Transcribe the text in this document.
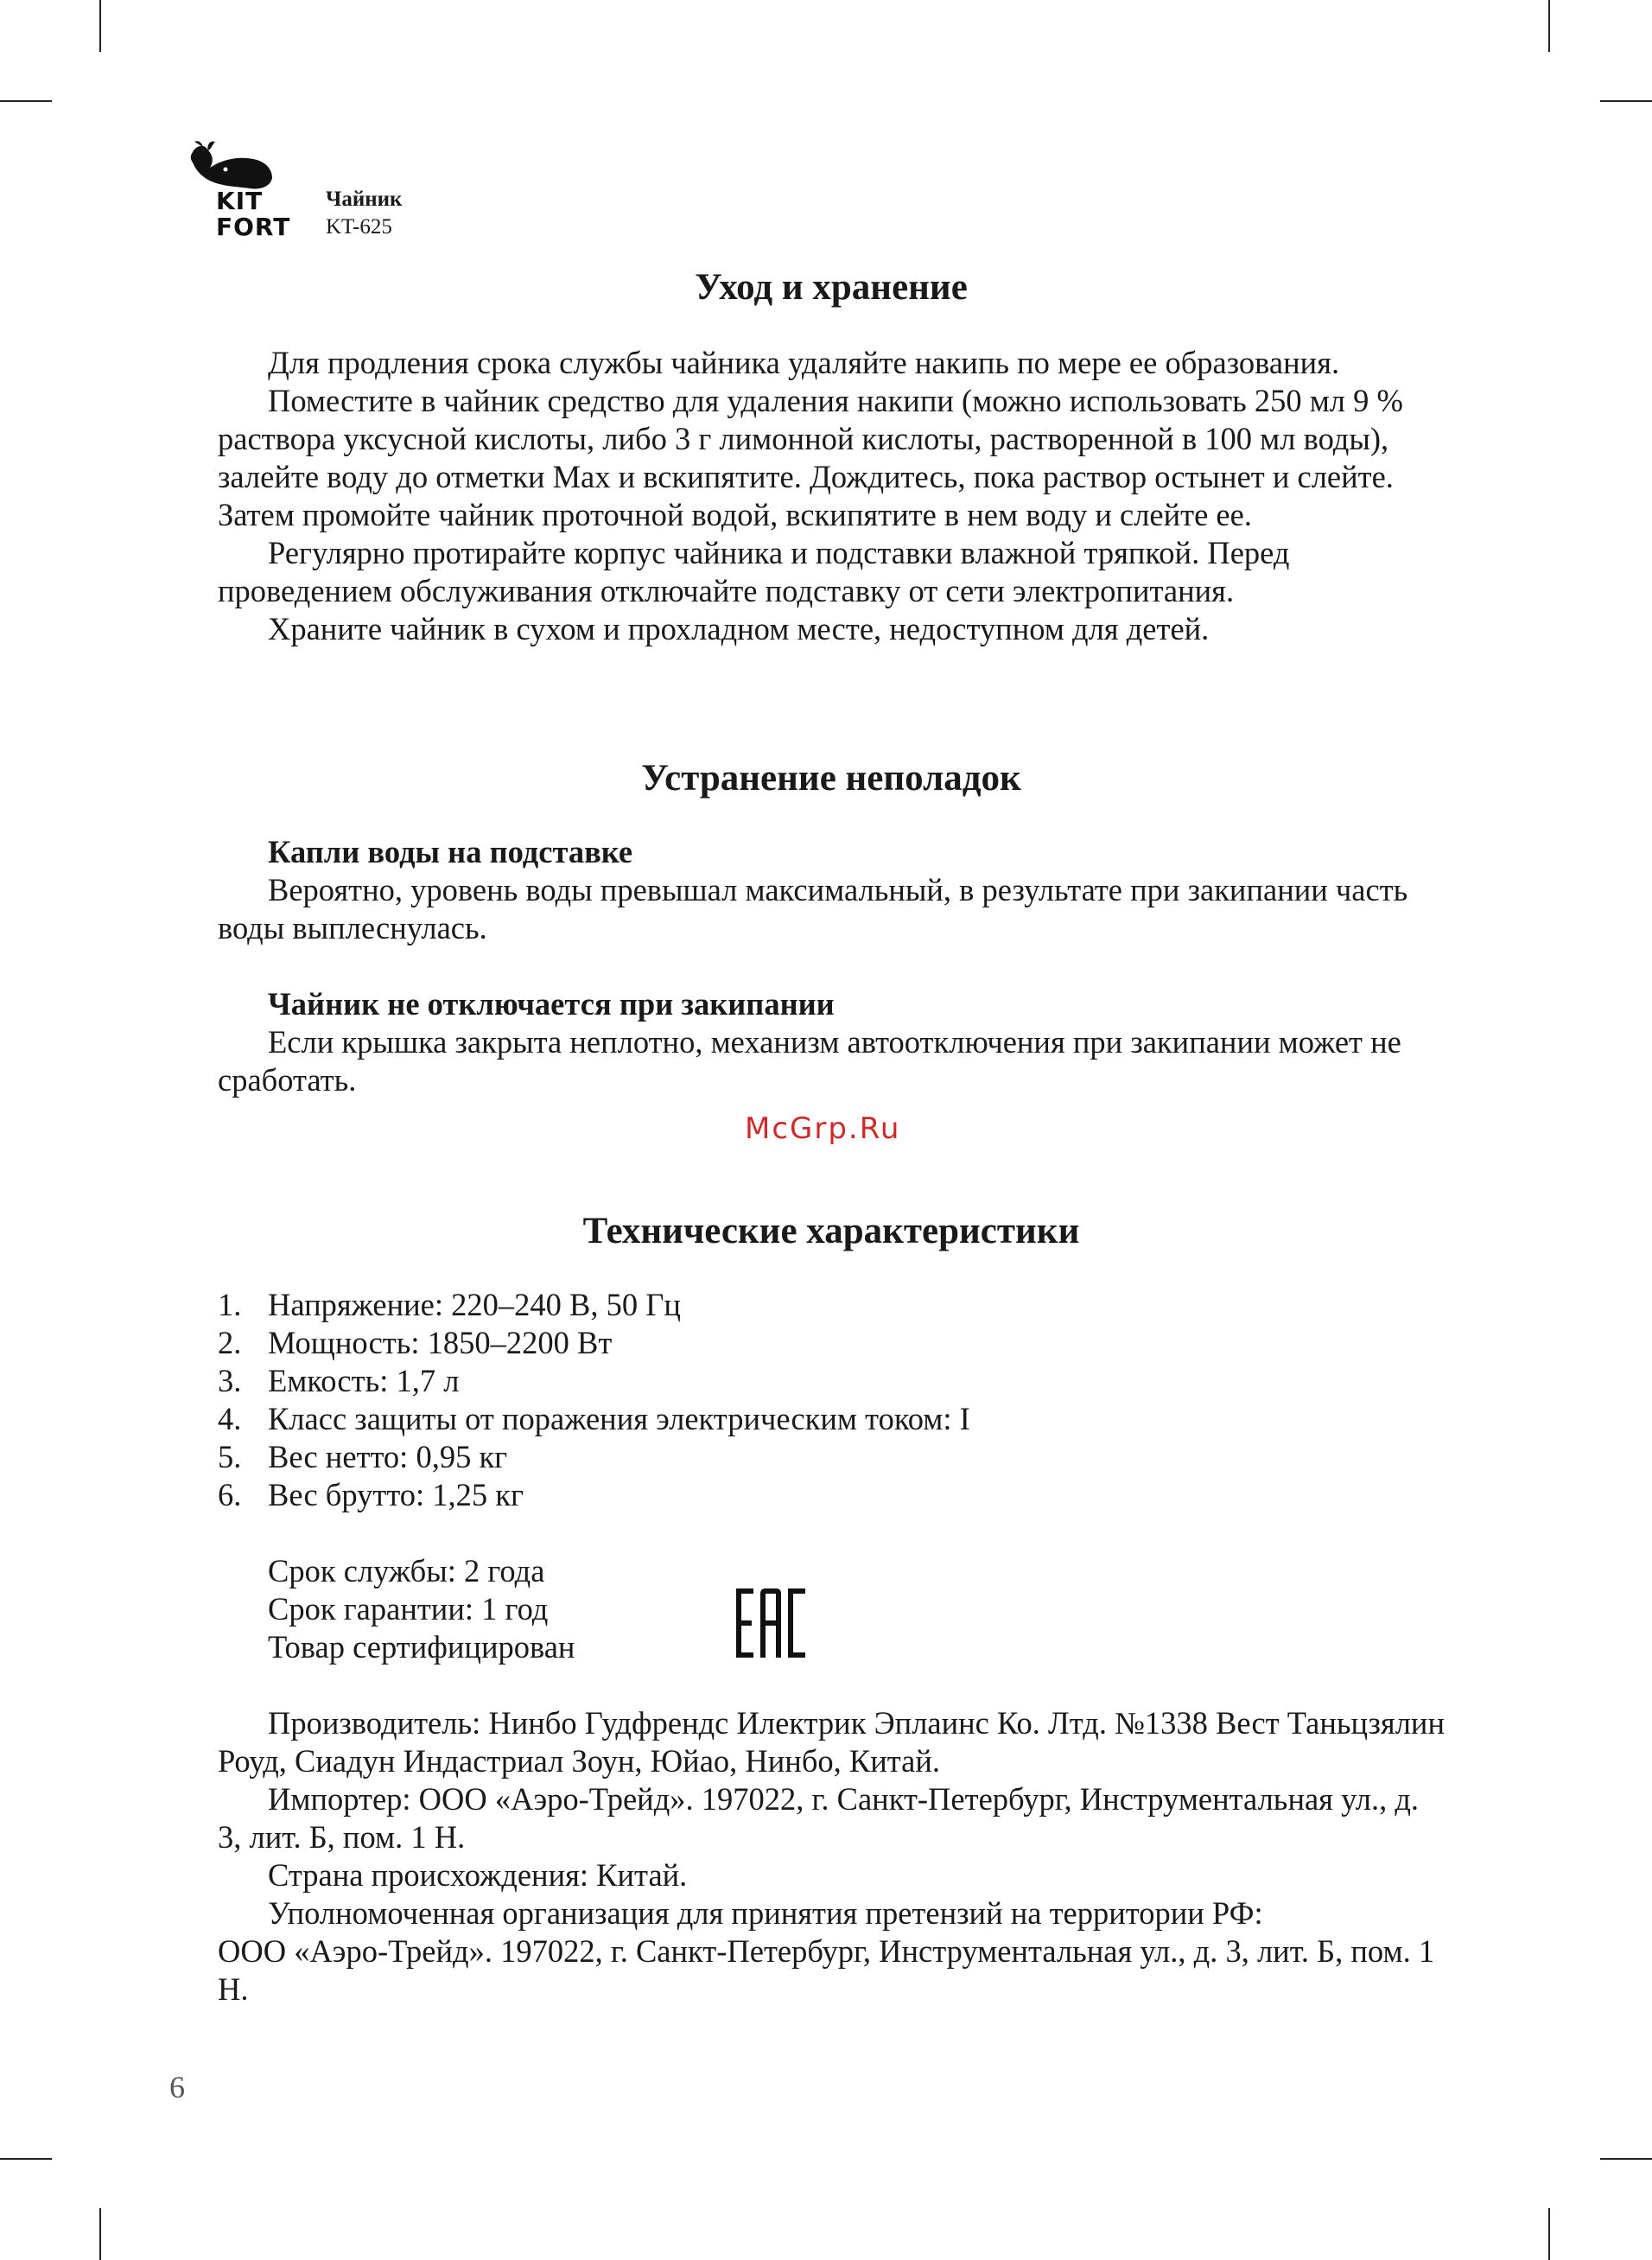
KIT
FORT
Чайник
KT-625
McGrp.Ru
Уход и хранение

Для продления срока службы чайника удаляйте накипь по мере ее образования.

Поместите в чайник средство для удаления накипи (можно использовать 250 мл 9 % раствора уксусной кислоты, либо 3 г лимонной кислоты, растворенной в 100 мл воды), залейте воду до отметки Max и вскипятите. Дождитесь, пока раствор остынет и слейте. Затем промойте чайник проточной водой, вскипятите в нем воду и слейте ее.

Регулярно протирайте корпус чайника и подставки влажной тряпкой. Перед проведением обслуживания отключайте подставку от сети электропитания.

Храните чайник в сухом и прохладном месте, недоступном для детей.

Устранение неполадок

Капли воды на подставке

Вероятно, уровень воды превышал максимальный, в результате при закипании часть воды выплеснулась.

Чайник не отключается при закипании

Если крышка закрыта неплотно, механизм автоотключения при закипании может не сработать.

Технические характеристики
1. Напряжение: 220–240 В, 50 Гц
2. Мощность: 1850–2200 Вт
3. Емкость: 1,7 л
4. Класс защиты от поражения электрическим током: I
5. Вес нетто: 0,95 кг
6. Вес брутто: 1,25 кг

Срок службы: 2 года

Срок гарантии: 1 год

Товар сертифицирован

Производитель: Нинбо Гудфрендс Илектрик Эплаинс Ко. Лтд. №1338 Вест Таньцзялин Роуд, Сиадун Индастриал Зоун, Юйао, Нинбо, Китай.

Импортер: ООО «Аэро-Трейд». 197022, г. Санкт-Петербург, Инструментальная ул., д. 3, лит. Б, пом. 1 Н.

Страна происхождения: Китай.

Уполномоченная организация для принятия претензий на территории РФ:

ООО «Аэро-Трейд». 197022, г. Санкт-Петербург, Инструментальная ул., д. 3, лит. Б, пом. 1 Н.

6
